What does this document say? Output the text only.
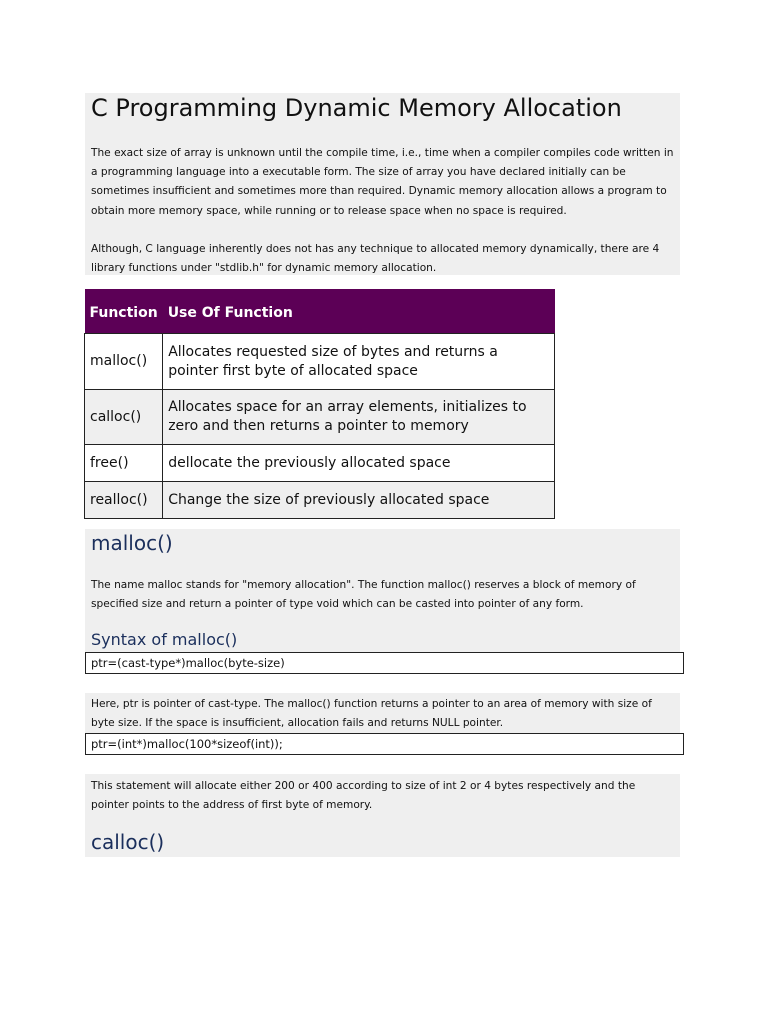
C Programming Dynamic Memory Allocation

The exact size of array is unknown until the compile time, i.e., time when a compiler compiles code written in a programming language into a executable form. The size of array you have declared initially can be sometimes insufficient and sometimes more than required. Dynamic memory allocation allows a program to obtain more memory space, while running or to release space when no space is required.

Although, C language inherently does not has any technique to allocated memory dynamically, there are 4 library functions under "stdlib.h" for dynamic memory allocation.

Function	Use Of Function
malloc()	Allocates requested size of bytes and returns a pointer first byte of allocated space
calloc()	Allocates space for an array elements, initializes to zero and then returns a pointer to memory
free()	dellocate the previously allocated space
realloc()	Change the size of previously allocated space
malloc()

The name malloc stands for "memory allocation". The function malloc() reserves a block of memory of specified size and return a pointer of type void which can be casted into pointer of any form.

Syntax of malloc()
ptr=(cast-type*)malloc(byte-size)

Here, ptr is pointer of cast-type. The malloc() function returns a pointer to an area of memory with size of byte size. If the space is insufficient, allocation fails and returns NULL pointer.

ptr=(int*)malloc(100*sizeof(int));

This statement will allocate either 200 or 400 according to size of int 2 or 4 bytes respectively and the pointer points to the address of first byte of memory.

calloc()
